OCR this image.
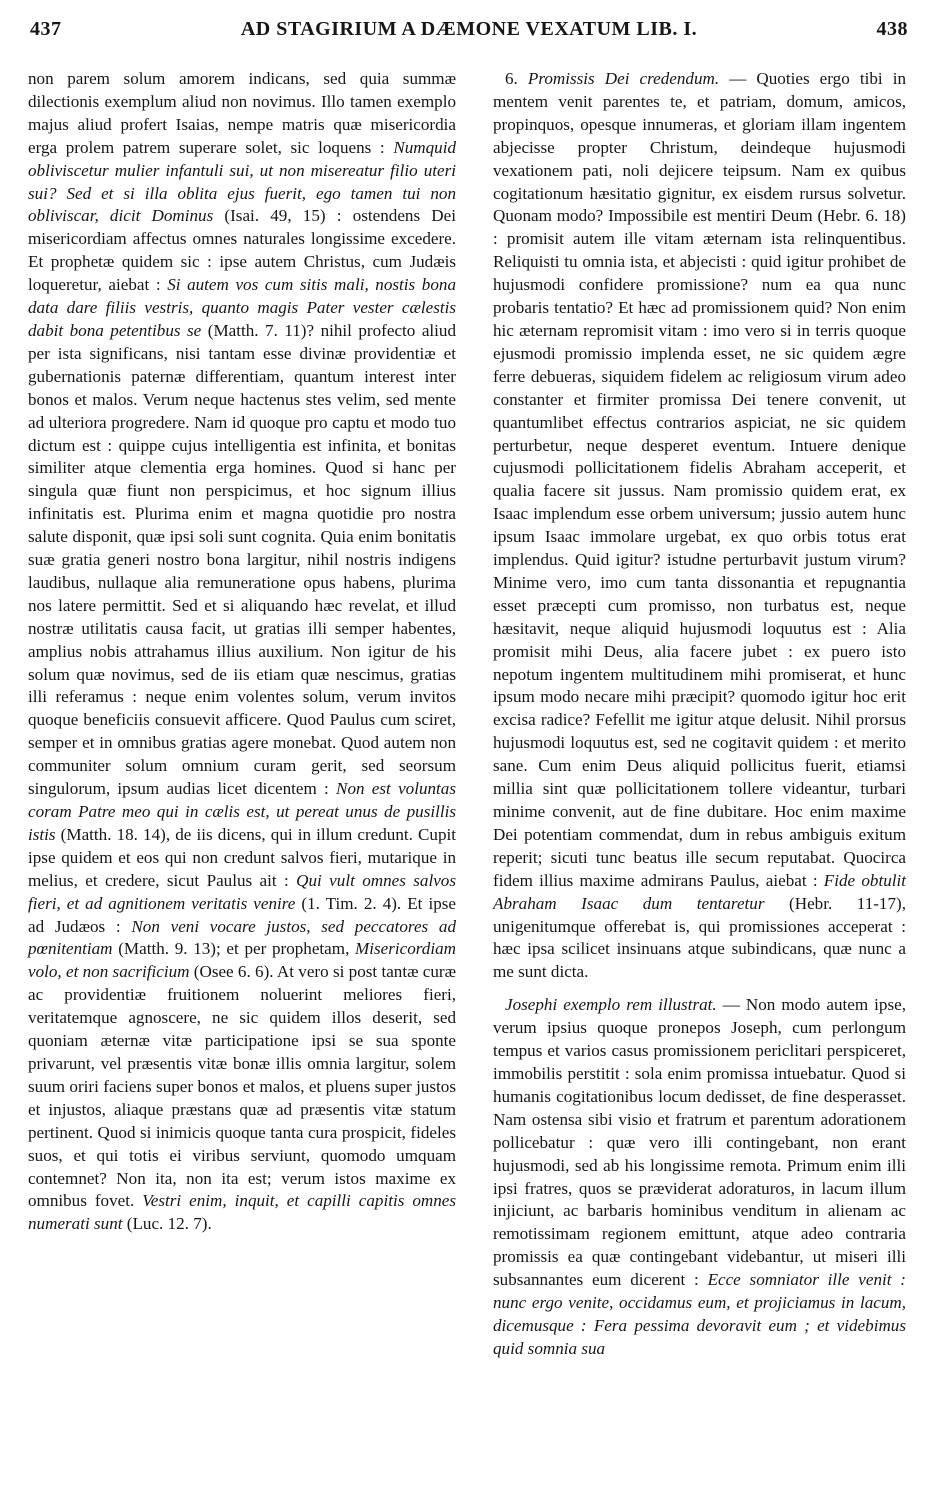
437	AD STAGIRIUM A DÆMONE VEXATUM LIB. I.	438

non parem solum amorem indicans, sed quia summæ dilectionis exemplum aliud non novimus. Illo tamen exemplo majus aliud profert Isaias, nempe matris quæ misericordia erga prolem patrem superare solet, sic loquens : Numquid obliviscetur mulier infantuli sui, ut non misereatur filio uteri sui? Sed et si illa oblita ejus fuerit, ego tamen tui non obliviscar, dicit Dominus (Isai. 49, 15) : ostendens Dei misericordiam affectus omnes naturales longissime excedere. Et prophetæ quidem sic : ipse autem Christus, cum Judæis loqueretur, aiebat : Si autem vos cum sitis mali, nostis bona data dare filiis vestris, quanto magis Pater vester cælestis dabit bona petentibus se (Matth. 7. 11)? nihil profecto aliud per ista significans, nisi tantam esse divinæ providentiæ et gubernationis paternæ differentiam, quantum interest inter bonos et malos. Verum neque hactenus stes velim, sed mente ad ulteriora progredere. Nam id quoque pro captu et modo tuo dictum est : quippe cujus intelligentia est infinita, et bonitas similiter atque clementia erga homines. Quod si hanc per singula quæ fiunt non perspicimus, et hoc signum illius infinitatis est. Plurima enim et magna quotidie pro nostra salute disponit, quæ ipsi soli sunt cognita. Quia enim bonitatis suæ gratia generi nostro bona largitur, nihil nostris indigens laudibus, nullaque alia remuneratione opus habens, plurima nos latere permittit. Sed et si aliquando hæc revelat, et illud nostræ utilitatis causa facit, ut gratias illi semper habentes, amplius nobis attrahamus illius auxilium. Non igitur de his solum quæ novimus, sed de iis etiam quæ nescimus, gratias illi referamus : neque enim volentes solum, verum invitos quoque beneficiis consuevit afficere. Quod Paulus cum sciret, semper et in omnibus gratias agere monebat. Quod autem non communiter solum omnium curam gerit, sed seorsum singulorum, ipsum audias licet dicentem : Non est voluntas coram Patre meo qui in cælis est, ut pereat unus de pusillis istis (Matth. 18. 14), de iis dicens, qui in illum credunt. Cupit ipse quidem et eos qui non credunt salvos fieri, mutarique in melius, et credere, sicut Paulus ait : Qui vult omnes salvos fieri, et ad agnitionem veritatis venire (1. Tim. 2. 4). Et ipse ad Judæos : Non veni vocare justos, sed peccatores ad pœnitentiam (Matth. 9. 13); et per prophetam, Misericordiam volo, et non sacrificium (Osee 6. 6). At vero si post tantæ curæ ac providentiæ fruitionem noluerint meliores fieri, veritatemque agnoscere, ne sic quidem illos deserit, sed quoniam æternæ vitæ participatione ipsi se sua sponte privarunt, vel præsentis vitæ bonæ illis omnia largitur, solem suum oriri faciens super bonos et malos, et pluens super justos et injustos, aliaque præstans quæ ad præsentis vitæ statum pertinent. Quod si inimicis quoque tanta cura prospicit, fideles suos, et qui totis ei viribus serviunt, quomodo umquam contemnet? Non ita, non ita est; verum istos maxime ex omnibus fovet. Vestri enim, inquit, et capilli capitis omnes numerati sunt (Luc. 12. 7).

6. Promissis Dei credendum. — Quoties ergo tibi in mentem venit parentes te, et patriam, domum, amicos, propinquos, opesque innumeras, et gloriam illam ingentem abjecisse propter Christum, deindeque hujusmodi vexationem pati, noli dejicere teipsum. Nam ex quibus cogitationum hæsitatio gignitur, ex eisdem rursus solvetur. Quonam modo? Impossibile est mentiri Deum (Hebr. 6. 18) : promisit autem ille vitam æternam ista relinquentibus. Reliquisti tu omnia ista, et abjecisti : quid igitur prohibet de hujusmodi confidere promissione? num ea qua nunc probaris tentatio? Et hæc ad promissionem quid? Non enim hic æternam repromisit vitam : imo vero si in terris quoque ejusmodi promissio implenda esset, ne sic quidem ægre ferre debueras, siquidem fidelem ac religiosum virum adeo constanter et firmiter promissa Dei tenere convenit, ut quantumlibet effectus contrarios aspiciat, ne sic quidem perturbetur, neque desperet eventum. Intuere denique cujusmodi pollicitationem fidelis Abraham acceperit, et qualia facere sit jussus. Nam promissio quidem erat, ex Isaac implendum esse orbem universum; jussio autem hunc ipsum Isaac immolare urgebat, ex quo orbis totus erat implendus. Quid igitur? istudne perturbavit justum virum? Minime vero, imo cum tanta dissonantia et repugnantia esset præcepti cum promisso, non turbatus est, neque hæsitavit, neque aliquid hujusmodi loquutus est : Alia promisit mihi Deus, alia facere jubet : ex puero isto nepotum ingentem multitudinem mihi promiserat, et hunc ipsum modo necare mihi præcipit? quomodo igitur hoc erit excisa radice? Fefellit me igitur atque delusit. Nihil prorsus hujusmodi loquutus est, sed ne cogitavit quidem : et merito sane. Cum enim Deus aliquid pollicitus fuerit, etiamsi millia sint quæ pollicitationem tollere videantur, turbari minime convenit, aut de fine dubitare. Hoc enim maxime Dei potentiam commendat, dum in rebus ambiguis exitum reperit; sicuti tunc beatus ille secum reputabat. Quocirca fidem illius maxime admirans Paulus, aiebat : Fide obtulit Abraham Isaac dum tentaretur (Hebr. 11-17), unigenitumque offerebat is, qui promissiones acceperat : hæc ipsa scilicet insinuans atque subindicans, quæ nunc a me sunt dicta.

Josephi exemplo rem illustrat. — Non modo autem ipse, verum ipsius quoque pronepos Joseph, cum perlongum tempus et varios casus promissionem periclitari perspiceret, immobilis perstitit : sola enim promissa intuebatur. Quod si humanis cogitationibus locum dedisset, de fine desperasset. Nam ostensa sibi visio et fratrum et parentum adorationem pollicebatur : quæ vero illi contingebant, non erant hujusmodi, sed ab his longissime remota. Primum enim illi ipsi fratres, quos se præviderat adoraturos, in lacum illum injiciunt, ac barbaris hominibus venditum in alienam ac remotissimam regionem emittunt, atque adeo contraria promissis ea quæ contingebant videbantur, ut miseri illi subsannantes eum dicerent : Ecce somniator ille venit : nunc ergo venite, occidamus eum, et projiciamus in lacum, dicemusque : Fera pessima devoravit eum ; et videbimus quid somnia sua
